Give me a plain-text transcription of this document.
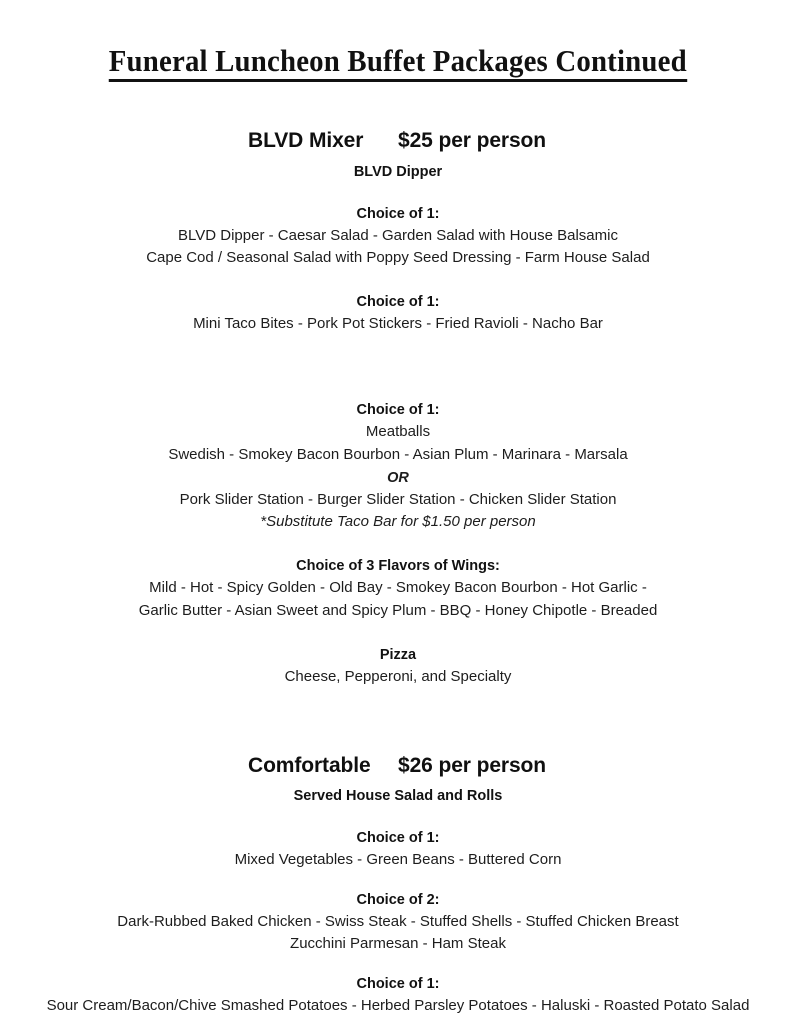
Funeral Luncheon Buffet Packages Continued
BLVD Mixer	$25 per person
BLVD Dipper
Choice of 1:
BLVD Dipper - Caesar Salad - Garden Salad with House Balsamic
Cape Cod / Seasonal Salad with Poppy Seed Dressing - Farm House Salad
Choice of 1:
Mini Taco Bites - Pork Pot Stickers - Fried Ravioli - Nacho Bar
Choice of 1:
Meatballs
Swedish - Smokey Bacon Bourbon - Asian Plum - Marinara - Marsala
OR
Pork Slider Station - Burger Slider Station - Chicken Slider Station
*Substitute Taco Bar for $1.50 per person
Choice of 3 Flavors of Wings:
Mild - Hot - Spicy Golden - Old Bay - Smokey Bacon Bourbon - Hot Garlic -
Garlic Butter - Asian Sweet and Spicy Plum - BBQ - Honey Chipotle - Breaded
Pizza
Cheese, Pepperoni, and Specialty
Comfortable	$26 per person
Served House Salad and Rolls
Choice of 1:
Mixed Vegetables - Green Beans - Buttered Corn
Choice of 2:
Dark-Rubbed Baked Chicken - Swiss Steak - Stuffed Shells - Stuffed Chicken Breast
Zucchini Parmesan - Ham Steak
Choice of 1:
Sour Cream/Bacon/Chive Smashed Potatoes - Herbed Parsley Potatoes - Haluski - Roasted Potato Salad
